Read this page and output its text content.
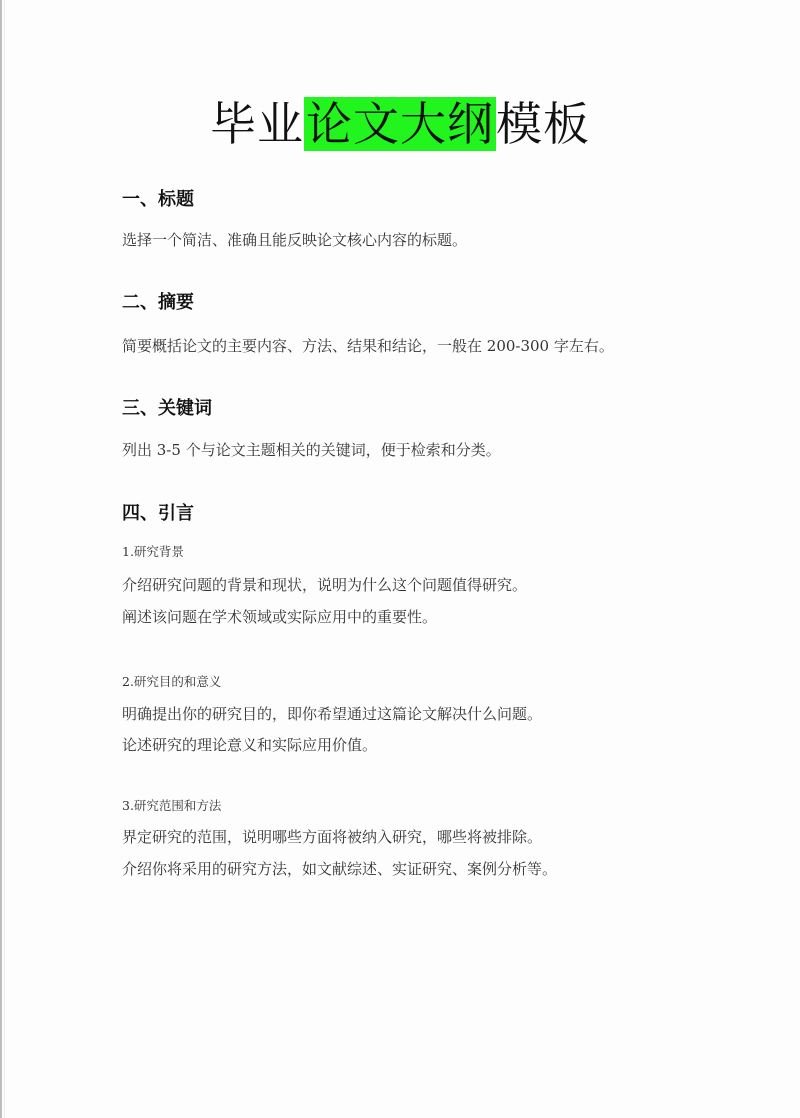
毕业论文大纲模板
一、标题
选择一个简洁、准确且能反映论文核心内容的标题。
二、摘要
简要概括论文的主要内容、方法、结果和结论，一般在 200-300 字左右。
三、关键词
列出 3-5 个与论文主题相关的关键词，便于检索和分类。
四、引言
1.研究背景
介绍研究问题的背景和现状，说明为什么这个问题值得研究。
阐述该问题在学术领域或实际应用中的重要性。
2.研究目的和意义
明确提出你的研究目的，即你希望通过这篇论文解决什么问题。
论述研究的理论意义和实际应用价值。
3.研究范围和方法
界定研究的范围，说明哪些方面将被纳入研究，哪些将被排除。
介绍你将采用的研究方法，如文献综述、实证研究、案例分析等。
